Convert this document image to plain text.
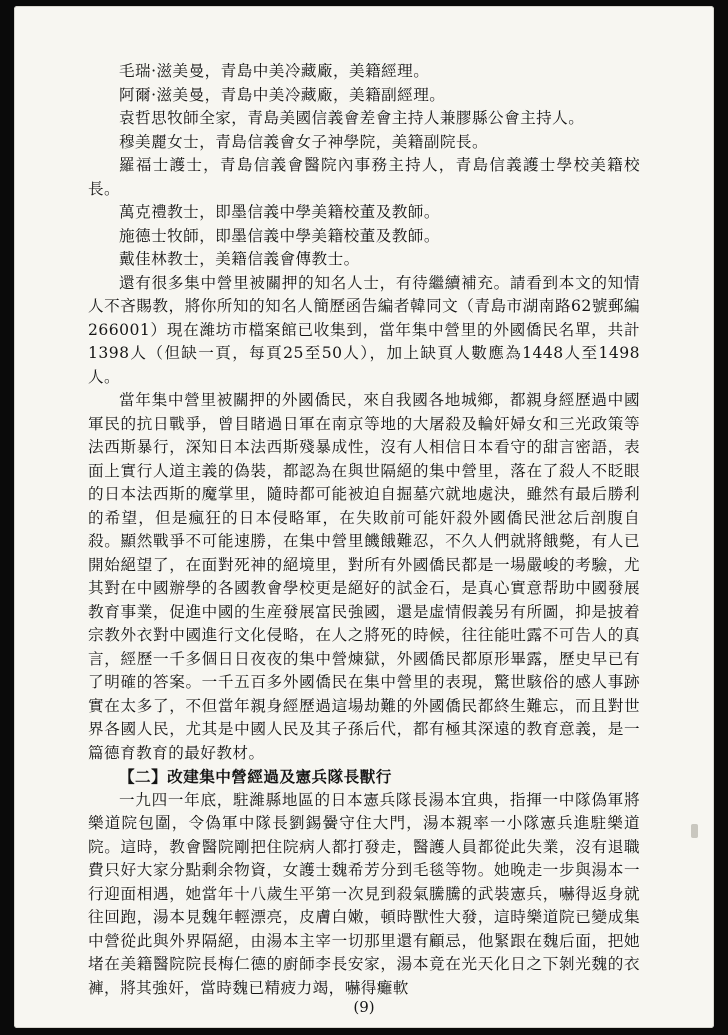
毛瑞·滋美曼，青島中美冷藏廠，美籍經理。

阿爾·滋美曼，青島中美冷藏廠，美籍副經理。

袁哲思牧師全家，青島美國信義會差會主持人兼膠縣公會主持人。

穆美麗女士，青島信義會女子神學院，美籍副院長。

羅福士護士，青島信義會醫院內事務主持人，青島信義護士學校美籍校長。

萬克禮教士，即墨信義中學美籍校董及教師。

施德士牧師，即墨信義中學美籍校董及教師。

戴佳林教士，美籍信義會傳教士。

還有很多集中營里被關押的知名人士，有待繼續補充。請看到本文的知情人不吝賜教，將你所知的知名人簡歷函告編者韓同文（青島市湖南路62號郵編266001）現在濰坊市檔案館已收集到，當年集中營里的外國僑民名單，共計1398人（但缺一頁，每頁25至50人），加上缺頁人數應為1448人至1498人。

當年集中營里被關押的外國僑民，來自我國各地城鄉，都親身經歷過中國軍民的抗日戰爭，曾目睹過日軍在南京等地的大屠殺及輪奸婦女和三光政策等法西斯暴行，深知日本法西斯殘暴成性，沒有人相信日本看守的甜言密語，表面上實行人道主義的偽裝，都認為在與世隔絕的集中營里，落在了殺人不眨眼的日本法西斯的魔掌里，隨時都可能被迫自掘墓穴就地處決，雖然有最后勝利的希望，但是瘋狂的日本侵略軍，在失敗前可能奸殺外國僑民泄忿后剖腹自殺。顯然戰爭不可能速勝，在集中營里饑餓難忍，不久人們就將餓斃，有人已開始絕望了，在面對死神的絕境里，對所有外國僑民都是一場嚴峻的考驗，尤其對在中國辦學的各國教會學校更是絕好的試金石，是真心實意帮助中國發展教育事業，促進中國的生産發展富民強國，還是虛情假義另有所圖，抑是披着宗教外衣對中國進行文化侵略，在人之將死的時候，往往能吐露不可告人的真言，經歷一千多個日日夜夜的集中營煉獄，外國僑民都原形畢露，歷史早已有了明確的答案。一千五百多外國僑民在集中營里的表現，驚世駭俗的感人事跡實在太多了，不但當年親身經歷過這場劫難的外國僑民都終生難忘，而且對世界各國人民，尤其是中國人民及其子孫后代，都有極其深遠的教育意義，是一篇德育教育的最好教材。

【二】改建集中營經過及憲兵隊長獸行

一九四一年底，駐濰縣地區的日本憲兵隊長湯本宜典，指揮一中隊偽軍將樂道院包圍，令偽軍中隊長劉錫黌守住大門，湯本親率一小隊憲兵進駐樂道院。這時，教會醫院剛把住院病人都打發走，醫護人員都從此失業，沒有退職費只好大家分點剩余物資，女護士魏希芳分到毛毯等物。她晚走一步與湯本一行迎面相遇，她當年十八歲生平第一次見到殺氣騰騰的武裝憲兵，嚇得返身就往回跑，湯本見魏年輕漂亮，皮膚白嫩，頓時獸性大發，這時樂道院已變成集中營從此與外界隔絕，由湯本主宰一切那里還有顧忌，他緊跟在魏后面，把她堵在美籍醫院院長梅仁德的廚師李長安家，湯本竟在光天化日之下剝光魏的衣褲，將其強奸，當時魏已精疲力竭，嚇得癱軟

(9)
